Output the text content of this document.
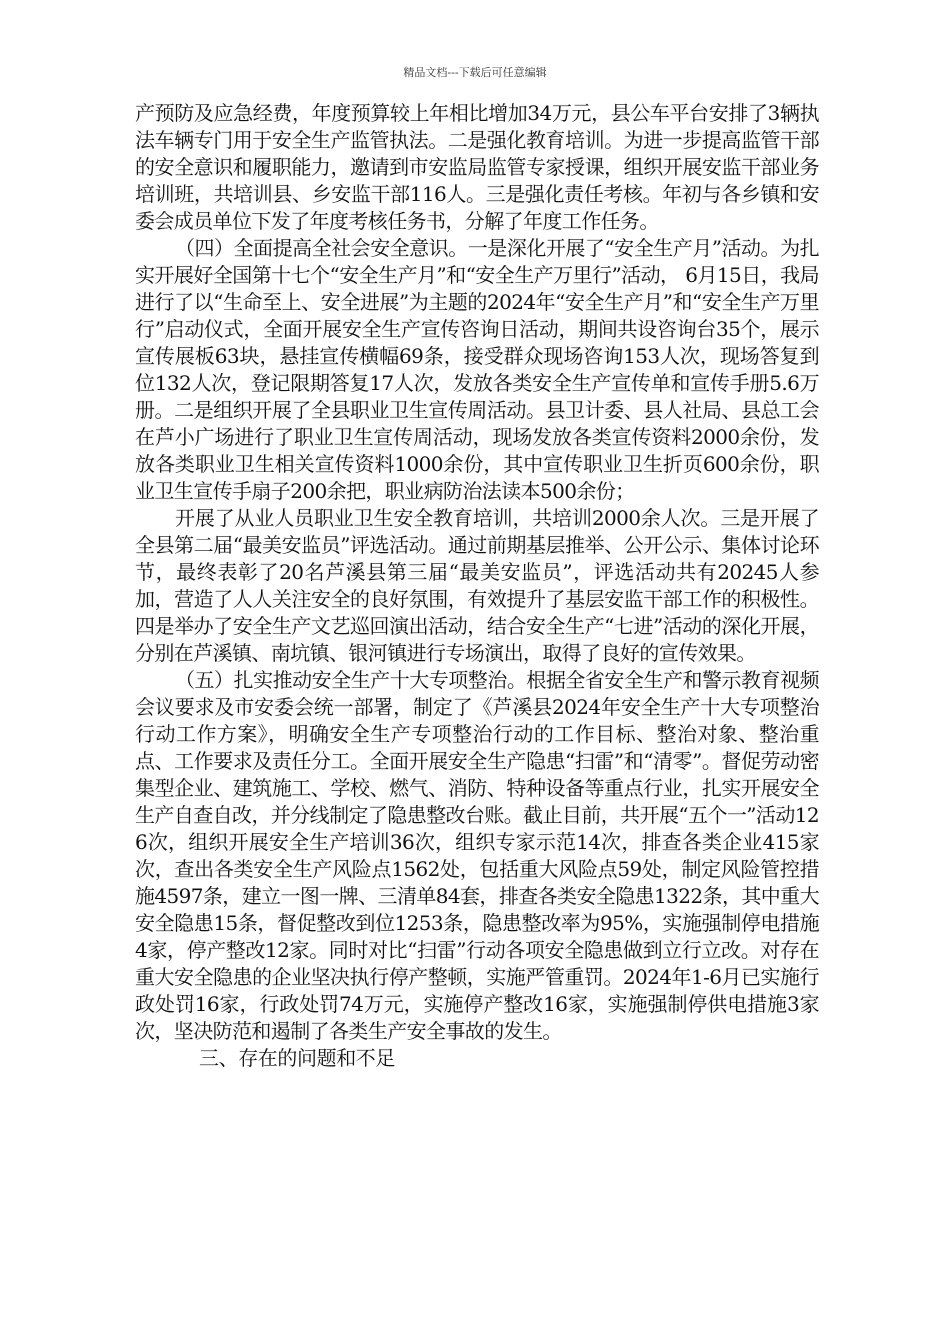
精品文档---下载后可任意编辑

产预防及应急经费，年度预算较上年相比增加34万元，县公车平台安排了3辆执法车辆专门用于安全生产监管执法。二是强化教育培训。为进一步提高监管干部的安全意识和履职能力，邀请到市安监局监管专家授课，组织开展安监干部业务培训班，共培训县、乡安监干部116人。三是强化责任考核。年初与各乡镇和安委会成员单位下发了年度考核任务书，分解了年度工作任务。

（四）全面提高全社会安全意识。一是深化开展了“安全生产月”活动。为扎实开展好全国第十七个“安全生产月”和“安全生产万里行”活动， 6月15日，我局进行了以“生命至上、安全进展”为主题的2024年“安全生产月”和“安全生产万里行”启动仪式，全面开展安全生产宣传咨询日活动，期间共设咨询台35个，展示宣传展板63块，悬挂宣传横幅69条，接受群众现场咨询153人次，现场答复到位132人次，登记限期答复17人次，发放各类安全生产宣传单和宣传手册5.6万册。二是组织开展了全县职业卫生宣传周活动。县卫计委、县人社局、县总工会在芦小广场进行了职业卫生宣传周活动，现场发放各类宣传资料2000余份，发放各类职业卫生相关宣传资料1000余份，其中宣传职业卫生折页600余份，职业卫生宣传手扇子200余把，职业病防治法读本500余份；

开展了从业人员职业卫生安全教育培训，共培训2000余人次。三是开展了全县第二届“最美安监员”评选活动。通过前期基层推举、公开公示、集体讨论环节，最终表彰了20名芦溪县第三届“最美安监员”，评选活动共有20245人参加，营造了人人关注安全的良好氛围，有效提升了基层安监干部工作的积极性。四是举办了安全生产文艺巡回演出活动，结合安全生产“七进”活动的深化开展，分别在芦溪镇、南坑镇、银河镇进行专场演出，取得了良好的宣传效果。

（五）扎实推动安全生产十大专项整治。根据全省安全生产和警示教育视频会议要求及市安委会统一部署，制定了《芦溪县2024年安全生产十大专项整治行动工作方案》，明确安全生产专项整治行动的工作目标、整治对象、整治重点、工作要求及责任分工。全面开展安全生产隐患“扫雷”和“清零”。督促劳动密集型企业、建筑施工、学校、燃气、消防、特种设备等重点行业，扎实开展安全生产自查自改，并分线制定了隐患整改台账。截止目前，共开展“五个一”活动126次，组织开展安全生产培训36次，组织专家示范14次，排查各类企业415家次，查出各类安全生产风险点1562处，包括重大风险点59处，制定风险管控措施4597条，建立一图一牌、三清单84套，排查各类安全隐患1322条，其中重大安全隐患15条，督促整改到位1253条，隐患整改率为95%，实施强制停电措施4家，停产整改12家。同时对比“扫雷”行动各项安全隐患做到立行立改。对存在重大安全隐患的企业坚决执行停产整顿，实施严管重罚。2024年1-6月已实施行政处罚16家，行政处罚74万元，实施停产整改16家，实施强制停供电措施3家次，坚决防范和遏制了各类生产安全事故的发生。

三、存在的问题和不足
